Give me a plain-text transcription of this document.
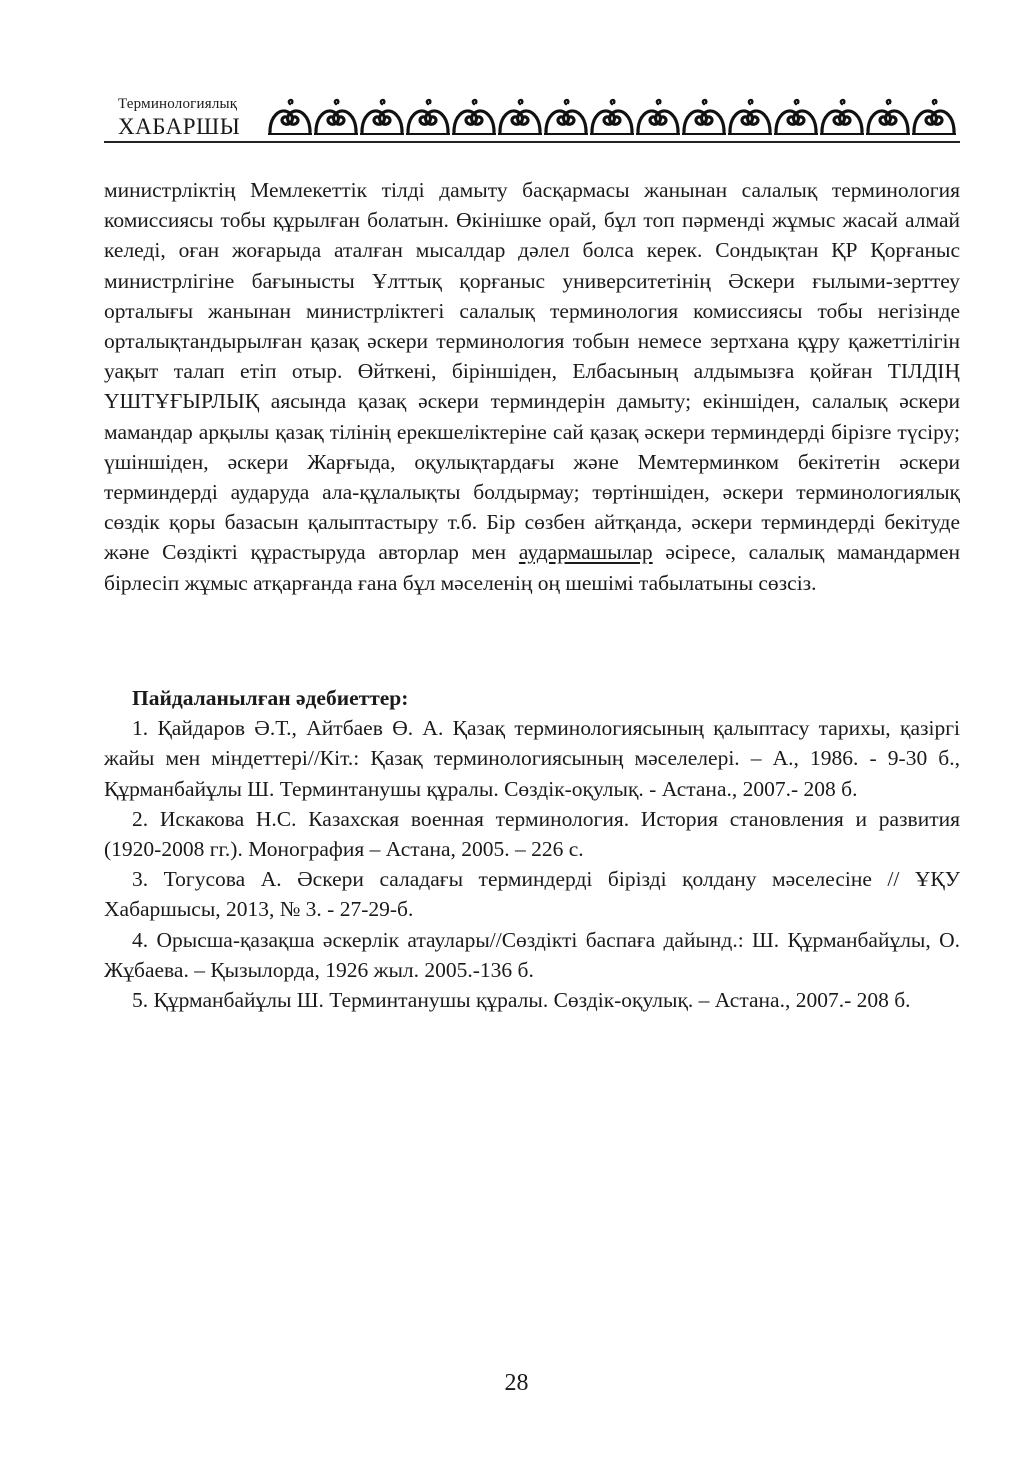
Терминологиялық
ХАБАРШЫ
министрліктің Мемлекеттік тілді дамыту басқармасы жанынан салалық терминология комиссиясы тобы құрылған болатын. Өкінішке орай, бұл топ пәрменді жұмыс жасай алмай келеді, оған жоғарыда аталған мысалдар дәлел болса керек. Сондықтан ҚР Қорғаныс министрлігіне бағынысты Ұлттық қорғаныс университетінің Әскери ғылыми-зерттеу орталығы жанынан министрліктегі салалық терминология комиссиясы тобы негізінде орталықтандырылған қазақ әскери терминология тобын немесе зертхана құру қажеттілігін уақыт талап етіп отыр. Өйткені, біріншіден, Елбасының алдымызға қойған ТІЛДІҢ ҮШТҰҒЫРЛЫҚ аясында қазақ әскери терминдерін дамыту; екіншіден, салалық әскери мамандар арқылы қазақ тілінің ерекшеліктеріне сай қазақ әскери терминдерді бірізге түсіру; үшіншіден, әскери Жарғыда, оқулықтардағы және Мемтерминком бекітетін әскери терминдерді аударуда ала-құлалықты болдырмау; төртіншіден, әскери терминологиялық сөздік қоры базасын қалыптастыру т.б. Бір сөзбен айтқанда, әскери терминдерді бекітуде және Сөздікті құрастыруда авторлар мен аудармашылар әсіресе, салалық мамандармен бірлесіп жұмыс атқарғанда ғана бұл мәселенің оң шешімі табылатыны сөзсіз.
Пайдаланылған әдебиеттер:
1. Қайдаров Ә.Т., Айтбаев Ө. А. Қазақ терминологиясының қалыптасу тарихы, қазіргі жайы мен міндеттері//Кіт.: Қазақ терминологиясының мәселелері. – А., 1986. - 9-30 б., Құрманбайұлы Ш. Терминтанушы құралы. Сөздік-оқулық. - Астана., 2007.- 208 б.
2. Искакова Н.С. Казахская военная терминология. История становления и развития (1920-2008 гг.). Монография – Астана, 2005. – 226 с.
3. Тогусова А. Әскери саладағы терминдерді бірізді қолдану мәселесіне // ҰҚУ Хабаршысы, 2013, № 3. - 27-29-б.
4. Орысша-қазақша әскерлік атаулары//Сөздікті баспаға дайынд.: Ш. Құрманбайұлы, О. Жұбаева. – Қызылорда, 1926 жыл. 2005.-136 б.
5. Құрманбайұлы Ш. Терминтанушы құралы. Сөздік-оқулық. – Астана., 2007.- 208 б.
28
